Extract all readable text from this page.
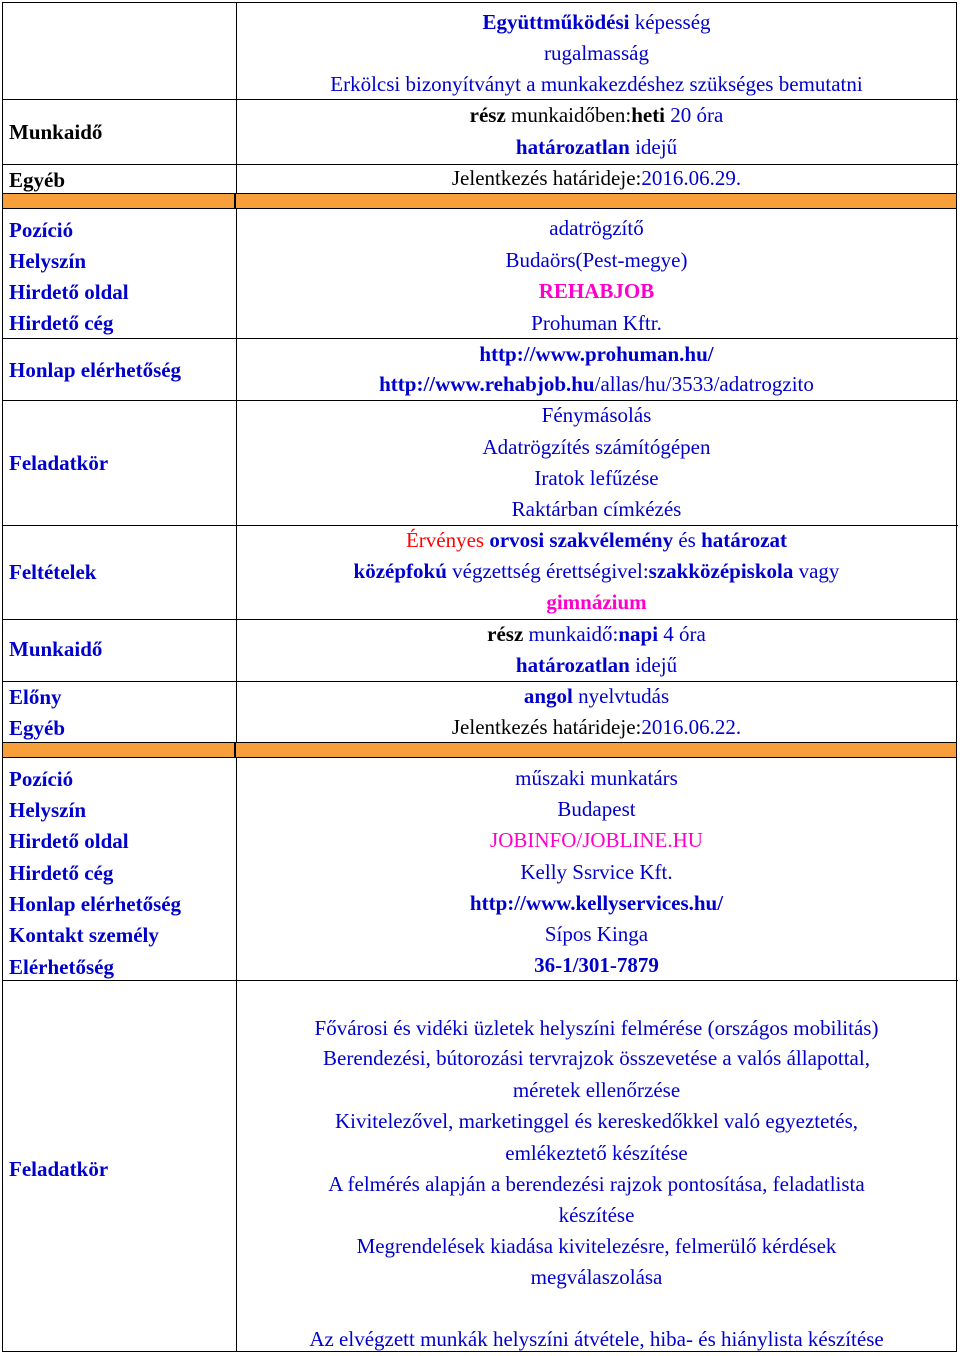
Munkaidő
Egyéb
Együttműködési képesség
rugalmasság
Erkölcsi bizonyítványt a munkakezdéshez szükséges bemutatni
rész munkaidőben:heti 20 óra
határozatlan idejű
Jelentkezés határideje:2016.06.29.
Pozíció
Helyszín
Hirdető oldal
Hirdető cég
Honlap elérhetőség
Feladatkör
Feltételek
Munkaidő
Előny
Egyéb
adatrögzítő
Budaörs(Pest-megye)
REHABJOB
Prohuman Kftr.
http://www.prohuman.hu/
http://www.rehabjob.hu/allas/hu/3533/adatrogzito
Fénymásolás
Adatrögzítés számítógépen
Iratok lefűzése
Raktárban címkézés
Érvényes orvosi szakvélemény és határozat
középfokú végzettség érettségivel:szakközépiskola vagy
gimnázium
rész munkaidő:napi 4 óra
határozatlan idejű
angol nyelvtudás
Jelentkezés határideje:2016.06.22.
Pozíció
Helyszín
Hirdető oldal
Hirdető cég
Honlap elérhetőség
Kontakt személy
Elérhetőség
Feladatkör
műszaki munkatárs
Budapest
JOBINFO/JOBLINE.HU
Kelly Ssrvice Kft.
http://www.kellyservices.hu/
Sípos Kinga
36-1/301-7879
Fővárosi és vidéki üzletek helyszíni felmérése (országos mobilitás)
Berendezési, bútorozási tervrajzok összevetése a valós állapottal,
méretek ellenőrzése
Kivitelezővel, marketinggel és kereskedőkkel való egyeztetés,
emlékeztető készítése
A felmérés alapján a berendezési rajzok pontosítása, feladatlista
készítése
Megrendelések kiadása kivitelezésre, felmerülő kérdések
megválaszolása
Az elvégzett munkák helyszíni átvétele, hiba- és hiánylista készítése
